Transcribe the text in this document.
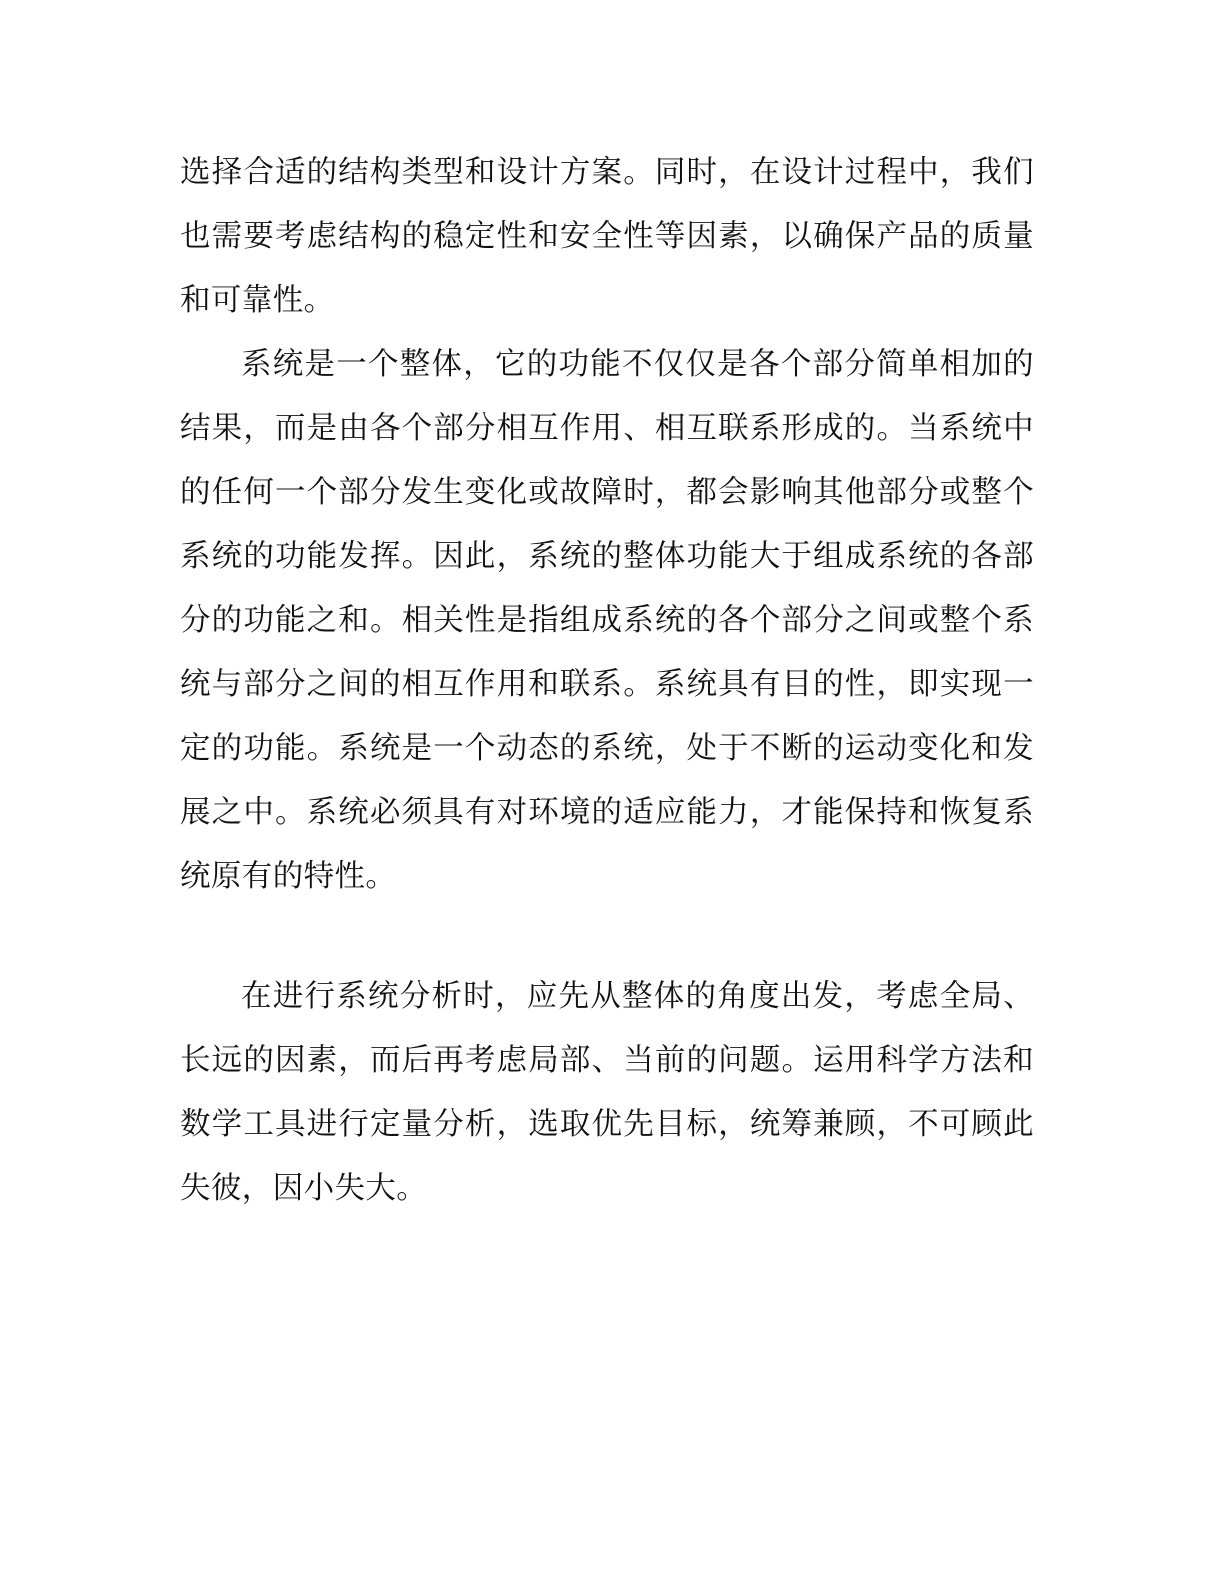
选择合适的结构类型和设计方案。同时，在设计过程中，我们也需要考虑结构的稳定性和安全性等因素，以确保产品的质量和可靠性。

系统是一个整体，它的功能不仅仅是各个部分简单相加的结果，而是由各个部分相互作用、相互联系形成的。当系统中的任何一个部分发生变化或故障时，都会影响其他部分或整个系统的功能发挥。因此，系统的整体功能大于组成系统的各部分的功能之和。相关性是指组成系统的各个部分之间或整个系统与部分之间的相互作用和联系。系统具有目的性，即实现一定的功能。系统是一个动态的系统，处于不断的运动变化和发展之中。系统必须具有对环境的适应能力，才能保持和恢复系统原有的特性。

在进行系统分析时，应先从整体的角度出发，考虑全局、长远的因素，而后再考虑局部、当前的问题。运用科学方法和数学工具进行定量分析，选取优先目标，统筹兼顾，不可顾此失彼，因小失大。
